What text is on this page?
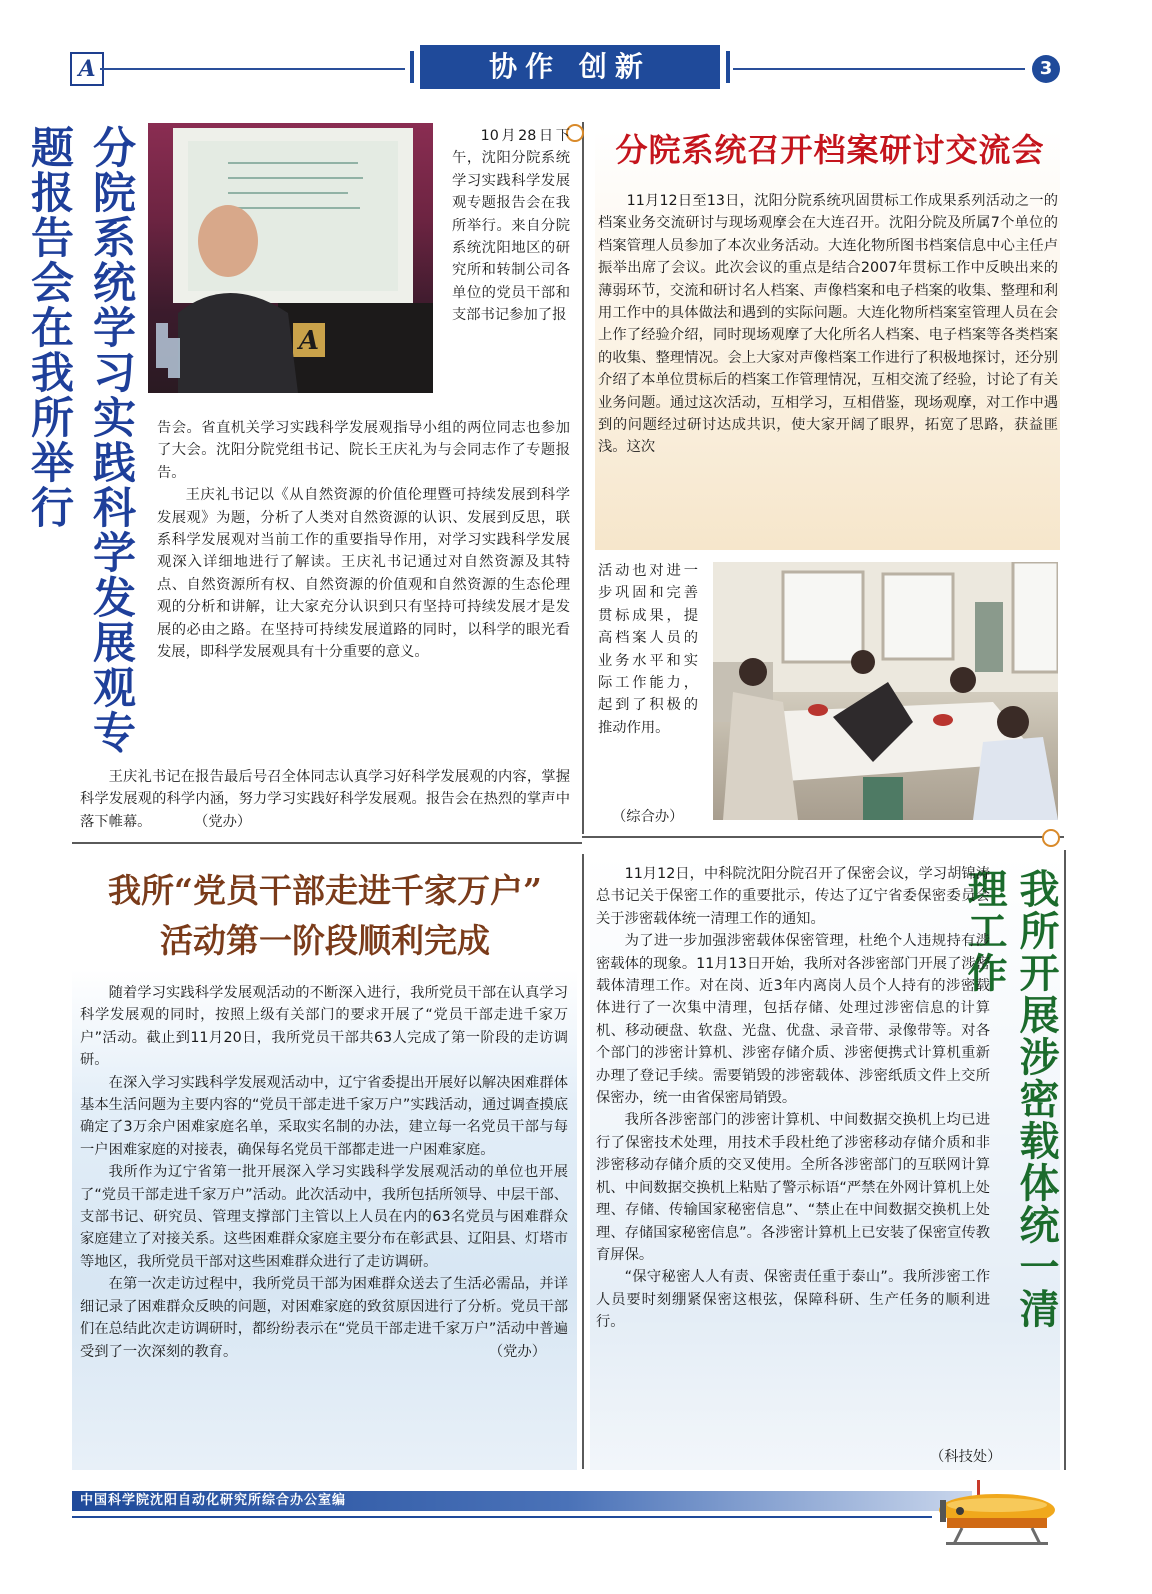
A	协作 创新	3
分院系统学习实践科学发展观专题报告会在我所举行	A

10月28日下午，沈阳分院系统学习实践科学发展观专题报告会在我所举行。来自分院系统沈阳地区的研究所和转制公司各单位的党员干部和支部书记参加了报

告会。省直机关学习实践科学发展观指导小组的两位同志也参加了大会。沈阳分院党组书记、院长王庆礼为与会同志作了专题报告。

王庆礼书记以《从自然资源的价值伦理暨可持续发展到科学发展观》为题，分析了人类对自然资源的认识、发展到反思，联系科学发展观对当前工作的重要指导作用，对学习实践科学发展观深入详细地进行了解读。王庆礼书记通过对自然资源及其特点、自然资源所有权、自然资源的价值观和自然资源的生态伦理观的分析和讲解，让大家充分认识到只有坚持可持续发展才是发展的必由之路。在坚持可持续发展道路的同时，以科学的眼光看发展，即科学发展观具有十分重要的意义。

王庆礼书记在报告最后号召全体同志认真学习好科学发展观的内容，掌握科学发展观的科学内涵，努力学习实践好科学发展观。报告会在热烈的掌声中落下帷幕。	（党办）

分院系统召开档案研讨交流会

11月12日至13日，沈阳分院系统巩固贯标工作成果系列活动之一的档案业务交流研讨与现场观摩会在大连召开。沈阳分院及所属7个单位的档案管理人员参加了本次业务活动。大连化物所图书档案信息中心主任卢振举出席了会议。此次会议的重点是结合2007年贯标工作中反映出来的薄弱环节，交流和研讨名人档案、声像档案和电子档案的收集、整理和利用工作中的具体做法和遇到的实际问题。大连化物所档案室管理人员在会上作了经验介绍，同时现场观摩了大化所名人档案、电子档案等各类档案的收集、整理情况。会上大家对声像档案工作进行了积极地探讨，还分别介绍了本单位贯标后的档案工作管理情况，互相交流了经验，讨论了有关业务问题。通过这次活动，互相学习，互相借鉴，现场观摩，对工作中遇到的问题经过研讨达成共识，使大家开阔了眼界，拓宽了思路，获益匪浅。这次

活动也对进一步巩固和完善贯标成果，提高档案人员的业务水平和实际工作能力，起到了积极的推动作用。

（综合办）
我所“党员干部走进千家万户”
活动第一阶段顺利完成

随着学习实践科学发展观活动的不断深入进行，我所党员干部在认真学习科学发展观的同时，按照上级有关部门的要求开展了“党员干部走进千家万户”活动。截止到11月20日，我所党员干部共63人完成了第一阶段的走访调研。

在深入学习实践科学发展观活动中，辽宁省委提出开展好以解决困难群体基本生活问题为主要内容的“党员干部走进千家万户”实践活动，通过调查摸底确定了3万余户困难家庭名单，采取实名制的办法，建立每一名党员干部与每一户困难家庭的对接表，确保每名党员干部都走进一户困难家庭。

我所作为辽宁省第一批开展深入学习实践科学发展观活动的单位也开展了“党员干部走进千家万户”活动。此次活动中，我所包括所领导、中层干部、支部书记、研究员、管理支撑部门主管以上人员在内的63名党员与困难群众家庭建立了对接关系。这些困难群众家庭主要分布在彰武县、辽阳县、灯塔市等地区，我所党员干部对这些困难群众进行了走访调研。

在第一次走访过程中，我所党员干部为困难群众送去了生活必需品，并详细记录了困难群众反映的问题，对困难家庭的致贫原因进行了分析。党员干部们在总结此次走访调研时，都纷纷表示在“党员干部走进千家万户”活动中普遍受到了一次深刻的教育。	（党办）
我所开展涉密载体统一清理工作

11月12日，中科院沈阳分院召开了保密会议，学习胡锦涛总书记关于保密工作的重要批示，传达了辽宁省委保密委员会关于涉密载体统一清理工作的通知。

为了进一步加强涉密载体保密管理，杜绝个人违规持有涉密载体的现象。11月13日开始，我所对各涉密部门开展了涉密载体清理工作。对在岗、近3年内离岗人员个人持有的涉密载体进行了一次集中清理，包括存储、处理过涉密信息的计算机、移动硬盘、软盘、光盘、优盘、录音带、录像带等。对各个部门的涉密计算机、涉密存储介质、涉密便携式计算机重新办理了登记手续。需要销毁的涉密载体、涉密纸质文件上交所保密办，统一由省保密局销毁。

我所各涉密部门的涉密计算机、中间数据交换机上均已进行了保密技术处理，用技术手段杜绝了涉密移动存储介质和非涉密移动存储介质的交叉使用。全所各涉密部门的互联网计算机、中间数据交换机上粘贴了警示标语“严禁在外网计算机上处理、存储、传输国家秘密信息”、“禁止在中间数据交换机上处理、存储国家秘密信息”。各涉密计算机上已安装了保密宣传教育屏保。

“保守秘密人人有责、保密责任重于泰山”。我所涉密工作人员要时刻绷紧保密这根弦，保障科研、生产任务的顺利进行。

（科技处）
中国科学院沈阳自动化研究所综合办公室编
